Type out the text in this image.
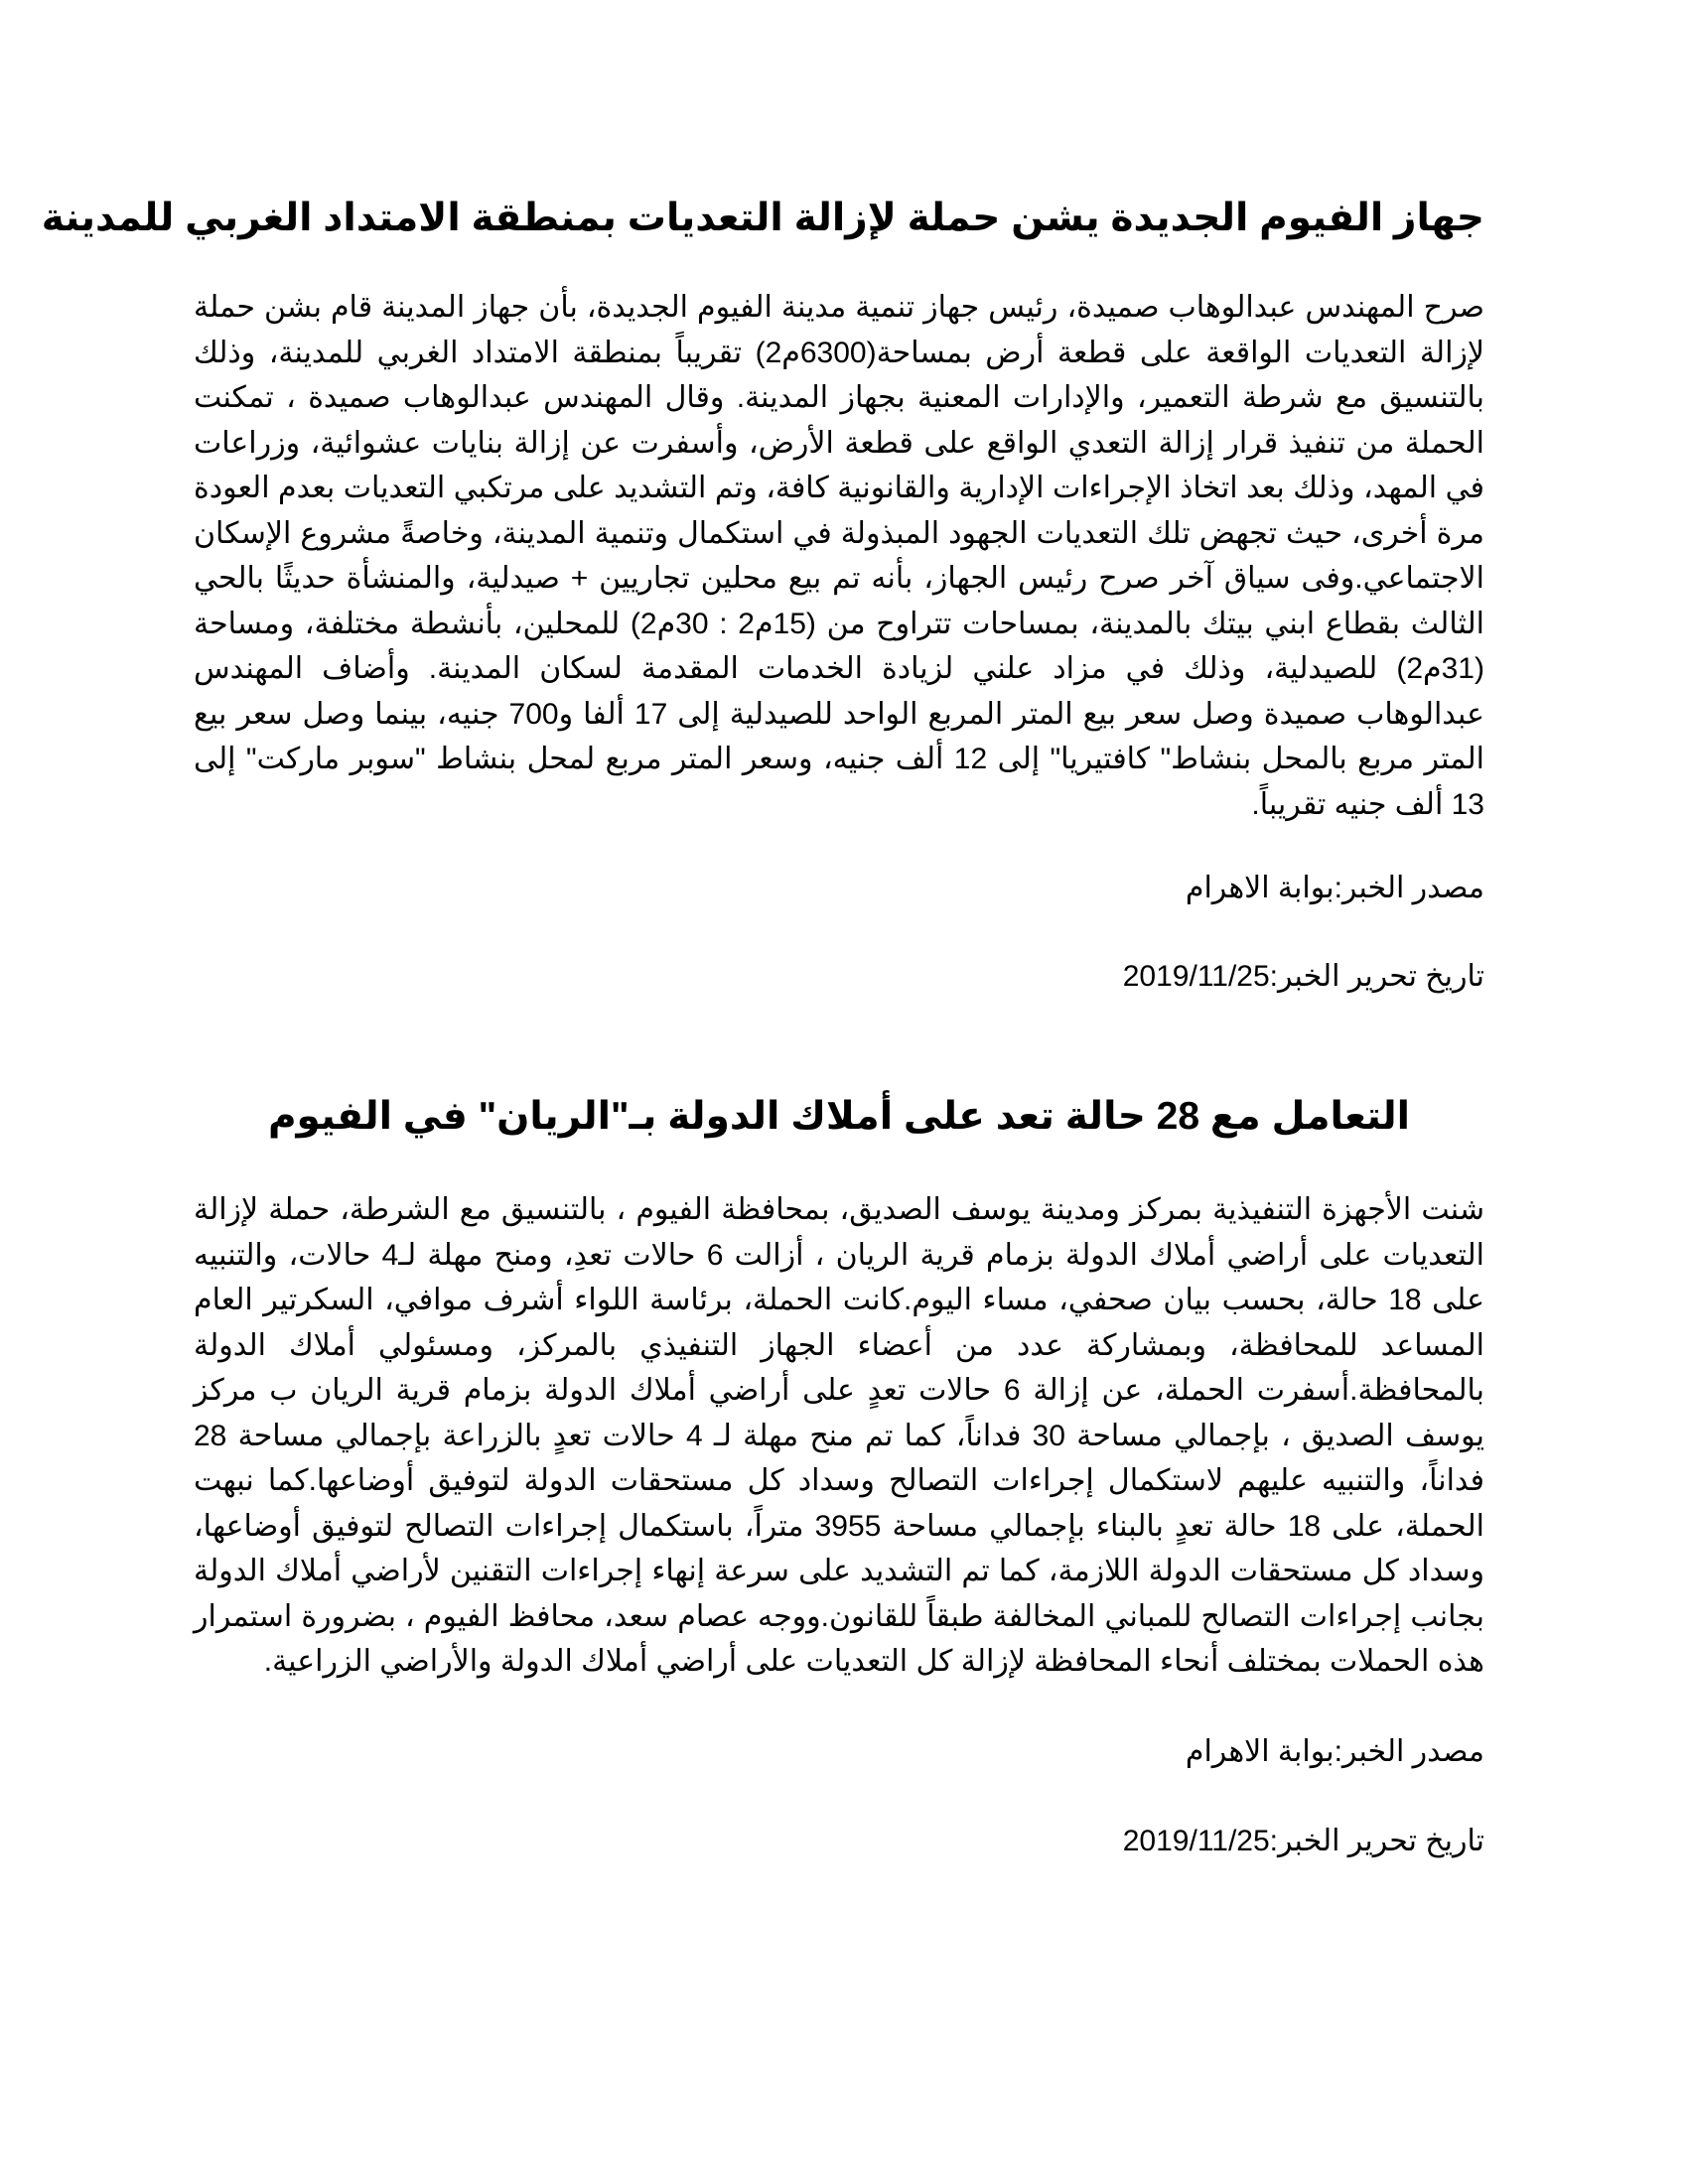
جهاز الفيوم الجديدة يشن حملة لإزالة التعديات بمنطقة الامتداد الغربي للمدينة

صرح المهندس عبدالوهاب صميدة، رئيس جهاز تنمية مدينة الفيوم الجديدة، بأن جهاز المدينة قام بشن حملة لإزالة التعديات الواقعة على قطعة أرض بمساحة(6300م2) تقريباً بمنطقة الامتداد الغربي للمدينة، وذلك بالتنسيق مع شرطة التعمير، والإدارات المعنية بجهاز المدينة. وقال المهندس عبدالوهاب صميدة ، تمكنت الحملة من تنفيذ قرار إزالة التعدي الواقع على قطعة الأرض، وأسفرت عن إزالة بنايات عشوائية، وزراعات في المهد، وذلك بعد اتخاذ الإجراءات الإدارية والقانونية كافة، وتم التشديد على مرتكبي التعديات بعدم العودة مرة أخرى، حيث تجهض تلك التعديات الجهود المبذولة في استكمال وتنمية المدينة، وخاصةً مشروع الإسكان الاجتماعي.وفى سياق آخر صرح رئيس الجهاز، بأنه تم بيع محلين تجاريين + صيدلية، والمنشأة حديثًا بالحي الثالث بقطاع ابني بيتك بالمدينة، بمساحات تتراوح من (15م2 : 30م2) للمحلين، بأنشطة مختلفة، ومساحة (31م2) للصيدلية، وذلك في مزاد علني لزيادة الخدمات المقدمة لسكان المدينة. وأضاف المهندس عبدالوهاب صميدة وصل سعر بيع المتر المربع الواحد للصيدلية إلى 17 ألفا و700 جنيه، بينما وصل سعر بيع المتر مربع بالمحل بنشاط" كافتيريا" إلى 12 ألف جنيه، وسعر المتر مربع لمحل بنشاط "سوبر ماركت" إلى 13 ألف جنيه تقريباً.

مصدر الخبر:بوابة الاهرام

تاريخ تحرير الخبر:2019/11/25

التعامل مع 28 حالة تعد على أملاك الدولة بـ"الريان" في الفيوم

شنت الأجهزة التنفيذية بمركز ومدينة يوسف الصديق، بمحافظة الفيوم ، بالتنسيق مع الشرطة، حملة لإزالة التعديات على أراضي أملاك الدولة بزمام قرية الريان ، أزالت 6 حالات تعدِ، ومنح مهلة لـ4 حالات، والتنبيه على 18 حالة، بحسب بيان صحفي، مساء اليوم.كانت الحملة، برئاسة اللواء أشرف موافي، السكرتير العام المساعد للمحافظة، وبمشاركة عدد من أعضاء الجهاز التنفيذي بالمركز، ومسئولي أملاك الدولة بالمحافظة.أسفرت الحملة، عن إزالة 6 حالات تعدٍ على أراضي أملاك الدولة بزمام قرية الريان ب مركز يوسف الصديق ، بإجمالي مساحة 30 فداناً، كما تم منح مهلة لـ 4 حالات تعدٍ بالزراعة بإجمالي مساحة 28 فداناً، والتنبيه عليهم لاستكمال إجراءات التصالح وسداد كل مستحقات الدولة لتوفيق أوضاعها.كما نبهت الحملة، على 18 حالة تعدٍ بالبناء بإجمالي مساحة 3955 متراً، باستكمال إجراءات التصالح لتوفيق أوضاعها، وسداد كل مستحقات الدولة اللازمة، كما تم التشديد على سرعة إنهاء إجراءات التقنين لأراضي أملاك الدولة بجانب إجراءات التصالح للمباني المخالفة طبقاً للقانون.ووجه عصام سعد، محافظ الفيوم ، بضرورة استمرار هذه الحملات بمختلف أنحاء المحافظة لإزالة كل التعديات على أراضي أملاك الدولة والأراضي الزراعية.

مصدر الخبر:بوابة الاهرام

تاريخ تحرير الخبر:2019/11/25
